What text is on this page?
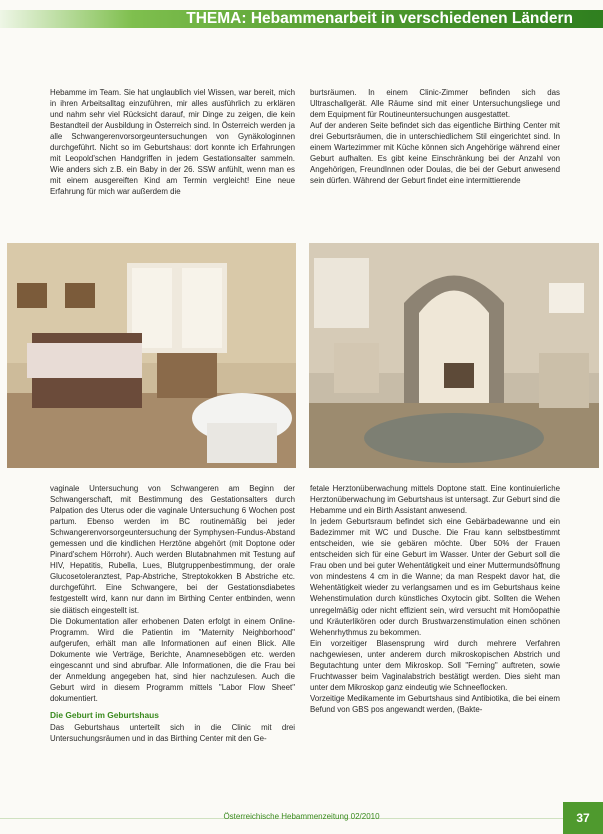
THEMA: Hebammenarbeit in verschiedenen Ländern

Hebamme im Team. Sie hat unglaublich viel Wissen, war bereit, mich in ihren Arbeitsalltag einzuführen, mir alles ausführlich zu erklären und nahm sehr viel Rücksicht darauf, mir Dinge zu zeigen, die kein Bestandteil der Ausbildung in Österreich sind. In Österreich werden ja alle Schwangerenvorsorgeuntersuchungen von Gynäkologinnen durchgeführt. Nicht so im Geburtshaus: dort konnte ich Erfahrungen mit Leopold'schen Handgriffen in jedem Gestationsalter sammeln. Wie anders sich z.B. ein Baby in der 26. SSW anfühlt, wenn man es mit einem ausgereiften Kind am Termin vergleicht! Eine neue Erfahrung für mich war außerdem die

burtsräumen. In einem Clinic-Zimmer befinden sich das Ultraschallgerät. Alle Räume sind mit einer Untersuchungsliege und dem Equipment für Routineuntersuchungen ausgestattet.

Auf der anderen Seite befindet sich das eigentliche Birthing Center mit drei Geburtsräumen, die in unterschiedlichem Stil eingerichtet sind. In einem Wartezimmer mit Küche können sich Angehörige während einer Geburt aufhalten. Es gibt keine Einschränkung bei der Anzahl von Angehörigen, FreundInnen oder Doulas, die bei der Geburt anwesend sein dürfen. Während der Geburt findet eine intermittierende

vaginale Untersuchung von Schwangeren am Beginn der Schwangerschaft, mit Bestimmung des Gestationsalters durch Palpation des Uterus oder die vaginale Untersuchung 6 Wochen post partum. Ebenso werden im BC routinemäßig bei jeder Schwangerenvorsorgeuntersuchung der Symphysen-Fundus-Abstand gemessen und die kindlichen Herztöne abgehört (mit Doptone oder Pinard'schem Hörrohr). Auch werden Blutabnahmen mit Testung auf HIV, Hepatitis, Rubella, Lues, Blutgruppenbestimmung, der orale Glucosetoleranztest, Pap-Abstriche, Streptokokken B Abstriche etc. durchgeführt. Eine Schwangere, bei der Gestationsdiabetes festgestellt wird, kann nur dann im Birthing Center entbinden, wenn sie diätisch eingestellt ist.

Die Dokumentation aller erhobenen Daten erfolgt in einem Online-Programm. Wird die Patientin im "Maternity Neighborhood" aufgerufen, erhält man alle Informationen auf einen Blick. Alle Dokumente wie Verträge, Berichte, Anamnesebögen etc. werden eingescannt und sind abrufbar. Alle Informationen, die die Frau bei der Anmeldung angegeben hat, sind hier nachzulesen. Auch die Geburt wird in diesem Programm mittels "Labor Flow Sheet" dokumentiert.

Die Geburt im Geburtshaus

Das Geburtshaus unterteilt sich in die Clinic mit drei Untersuchungsräumen und in das Birthing Center mit den Ge-

fetale Herztonüberwachung mittels Doptone statt. Eine kontinuierliche Herztonüberwachung im Geburtshaus ist untersagt. Zur Geburt sind die Hebamme und ein Birth Assistant anwesend.

In jedem Geburtsraum befindet sich eine Gebärbadewanne und ein Badezimmer mit WC und Dusche. Die Frau kann selbstbestimmt entscheiden, wie sie gebären möchte. Über 50% der Frauen entscheiden sich für eine Geburt im Wasser. Unter der Geburt soll die Frau oben und bei guter Wehentätigkeit und einer Muttermundsöffnung von mindestens 4 cm in die Wanne; da man Respekt davor hat, die Wehentätigkeit wieder zu verlangsamen und es im Geburtshaus keine Wehenstimulation durch künstliches Oxytocin gibt. Sollten die Wehen unregelmäßig oder nicht effizient sein, wird versucht mit Homöopathie und Kräuterlikören oder durch Brustwarzenstimulation einen schönen Wehenrhythmus zu bekommen.

Ein vorzeitiger Blasensprung wird durch mehrere Verfahren nachgewiesen, unter anderem durch mikroskopischen Abstrich und Begutachtung unter dem Mikroskop. Soll "Ferning" auftreten, sowie Fruchtwasser beim Vaginalabstrich bestätigt werden. Dies sieht man unter dem Mikroskop ganz eindeutig wie Schneeflocken.

Vorzeitige Medikamente im Geburtshaus sind Antibiotika, die bei einem Befund von GBS pos angewandt werden, (Bakte-

Österreichische Hebammenzeitung 02/2010	37
